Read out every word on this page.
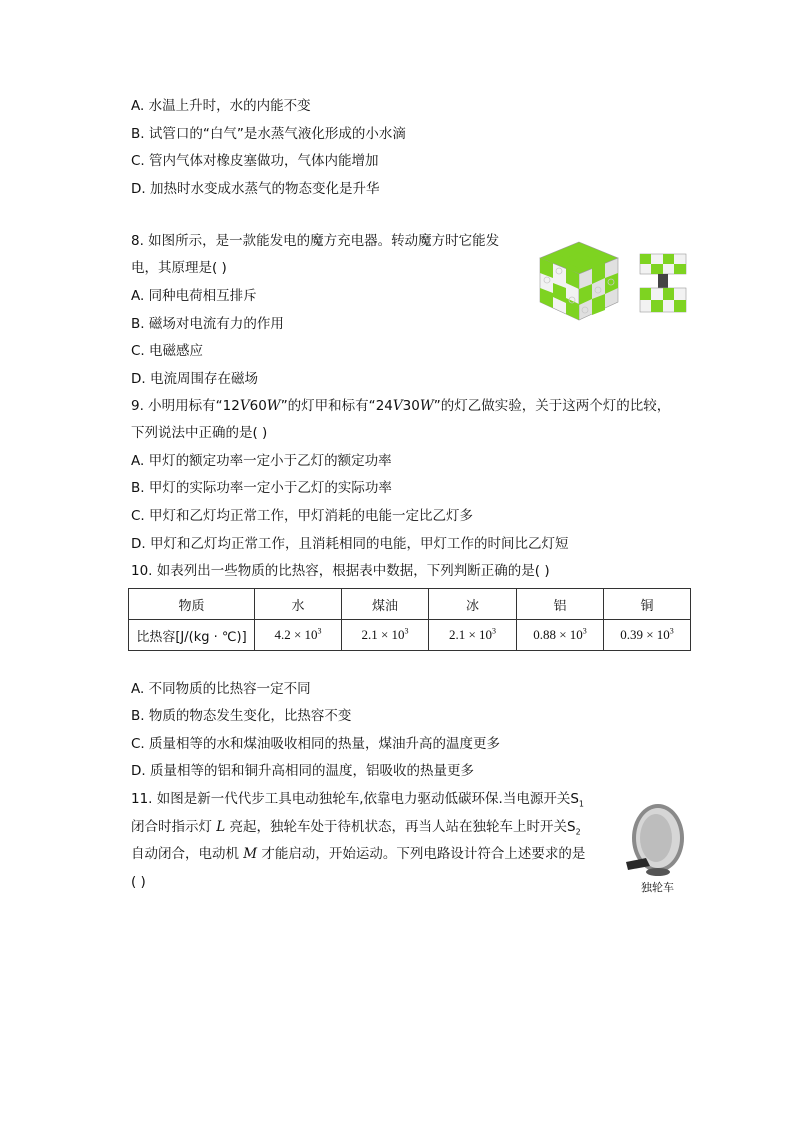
A. 水温上升时，水的内能不变
B. 试管口的“白气”是水蒸气液化形成的小水滴
C. 管内气体对橡皮塞做功，气体内能增加
D. 加热时水变成水蒸气的物态变化是升华
8. 如图所示，是一款能发电的魔方充电器。转动魔方时它能发
电，其原理是( )
A. 同种电荷相互排斥
B. 磁场对电流有力的作用
C. 电磁感应
D. 电流周围存在磁场
9. 小明用标有“12V60W”的灯甲和标有“24V30W”的灯乙做实验，关于这两个灯的比较，
下列说法中正确的是( )
A. 甲灯的额定功率一定小于乙灯的额定功率
B. 甲灯的实际功率一定小于乙灯的实际功率
C. 甲灯和乙灯均正常工作，甲灯消耗的电能一定比乙灯多
D. 甲灯和乙灯均正常工作，且消耗相同的电能，甲灯工作的时间比乙灯短
10. 如表列出一些物质的比热容，根据表中数据，下列判断正确的是( )
物质	水	煤油	冰	铝	铜
比热容[J/(kg · ℃)]	$4.2 \times 10^3$	$2.1 \times 10^3$	$2.1 \times 10^3$	$0.88 \times 10^3$	$0.39 \times 10^3$
A. 不同物质的比热容一定不同
B. 物质的物态发生变化，比热容不变
C. 质量相等的水和煤油吸收相同的热量，煤油升高的温度更多
D. 质量相等的铝和铜升高相同的温度，铝吸收的热量更多
11. 如图是新一代代步工具电动独轮车,依靠电力驱动低碳环保.当电源开关$S_1$
闭合时指示灯 L 亮起，独轮车处于待机状态，再当人站在独轮车上时开关$S_2$
自动闭合，电动机 M 才能启动，开始运动。下列电路设计符合上述要求的是
( )	独轮车
